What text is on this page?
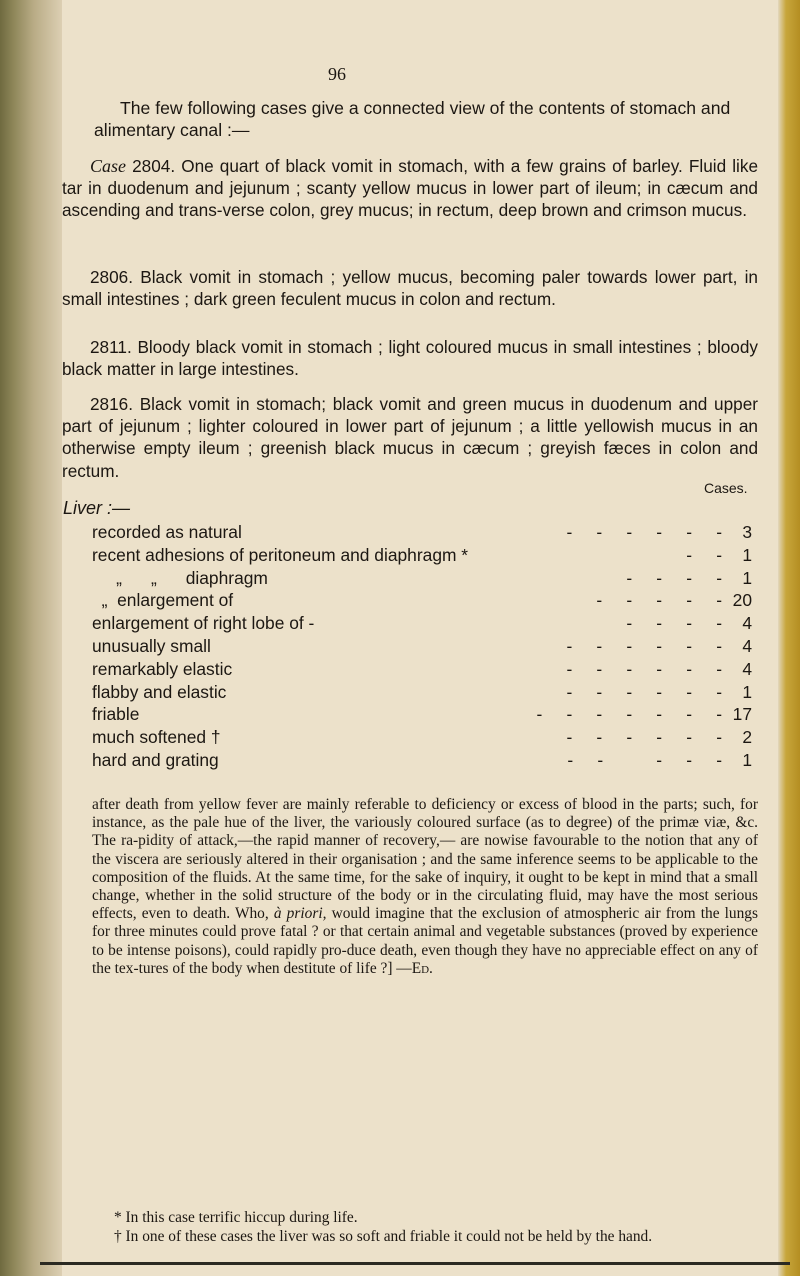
96

The few following cases give a connected view of the contents of stomach and alimentary canal :—

Case 2804. One quart of black vomit in stomach, with a few grains of barley. Fluid like tar in duodenum and jejunum ; scanty yellow mucus in lower part of ileum; in cæcum and ascending and trans-verse colon, grey mucus; in rectum, deep brown and crimson mucus.

2806. Black vomit in stomach ; yellow mucus, becoming paler towards lower part, in small intestines ; dark green feculent mucus in colon and rectum.

2811. Bloody black vomit in stomach ; light coloured mucus in small intestines ; bloody black matter in large intestines.

2816. Black vomit in stomach; black vomit and green mucus in duodenum and upper part of jejunum ; lighter coloured in lower part of jejunum ; a little yellowish mucus in an otherwise empty ileum ; greenish black mucus in cæcum ; greyish fæces in colon and rectum.

Cases.
Liver :—
recorded as natural	-     -     -     -     -     -	3
recent adhesions of peritoneum and diaphragm *	-     -	1
„      „      diaphragm	-     -     -     -	1
„  enlargement of	-     -     -     -     - 20
enlargement of right lobe of -	-     -     -     -	4
unusually small	-     -     -     -     -     -	4
remarkably elastic	-     -     -     -     -     -	4
flabby and elastic	-     -     -     -     -     -	1
friable	-     -     -     -     -     -     - 17
much softened †	-     -     -     -     -     -	2
hard and grating	-     -           -     -     -	1

after death from yellow fever are mainly referable to deficiency or excess of blood in the parts; such, for instance, as the pale hue of the liver, the variously coloured surface (as to degree) of the primæ viæ, &c. The ra-pidity of attack,—the rapid manner of recovery,— are nowise favourable to the notion that any of the viscera are seriously altered in their organisation ; and the same inference seems to be applicable to the composition of the fluids. At the same time, for the sake of inquiry, it ought to be kept in mind that a small change, whether in the solid structure of the body or in the circulating fluid, may have the most serious effects, even to death. Who, à priori, would imagine that the exclusion of atmospheric air from the lungs for three minutes could prove fatal ? or that certain animal and vegetable substances (proved by experience to be intense poisons), could rapidly pro-duce death, even though they have no appreciable effect on any of the tex-tures of the body when destitute of life ?] —Ed.

* In this case terrific hiccup during life.

† In one of these cases the liver was so soft and friable it could not be held by the hand.
